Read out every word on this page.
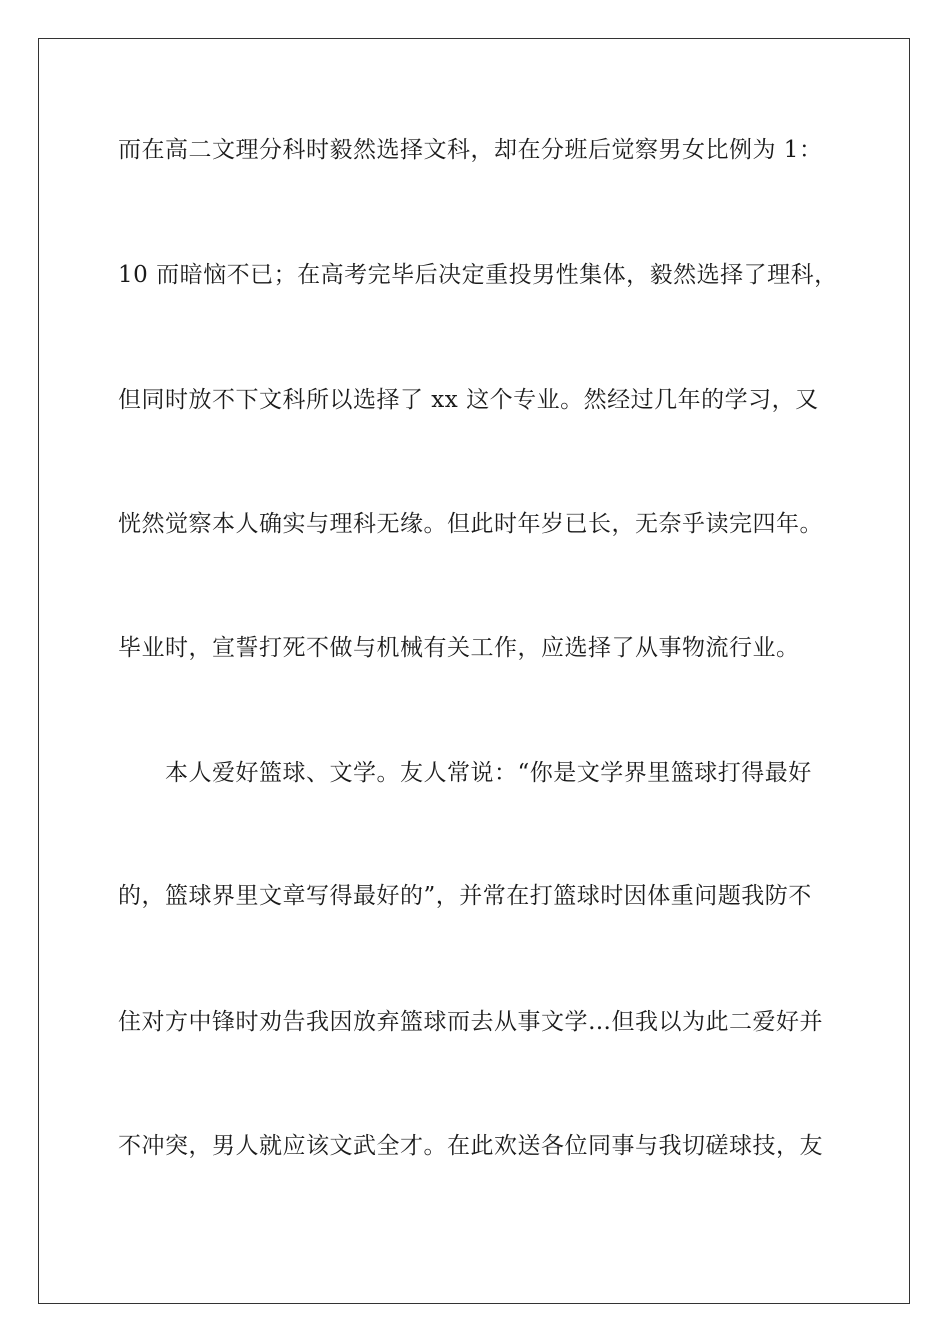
而在高二文理分科时毅然选择文科，却在分班后觉察男女比例为 1：
10 而暗恼不已；在高考完毕后决定重投男性集体，毅然选择了理科，
但同时放不下文科所以选择了 xx 这个专业。然经过几年的学习，又
恍然觉察本人确实与理科无缘。但此时年岁已长，无奈乎读完四年。
毕业时，宣誓打死不做与机械有关工作，应选择了从事物流行业。
　　本人爱好篮球、文学。友人常说：“你是文学界里篮球打得最好
的，篮球界里文章写得最好的”，并常在打篮球时因体重问题我防不
住对方中锋时劝告我因放弃篮球而去从事文学…但我以为此二爱好并
不冲突，男人就应该文武全才。在此欢送各位同事与我切磋球技，友
